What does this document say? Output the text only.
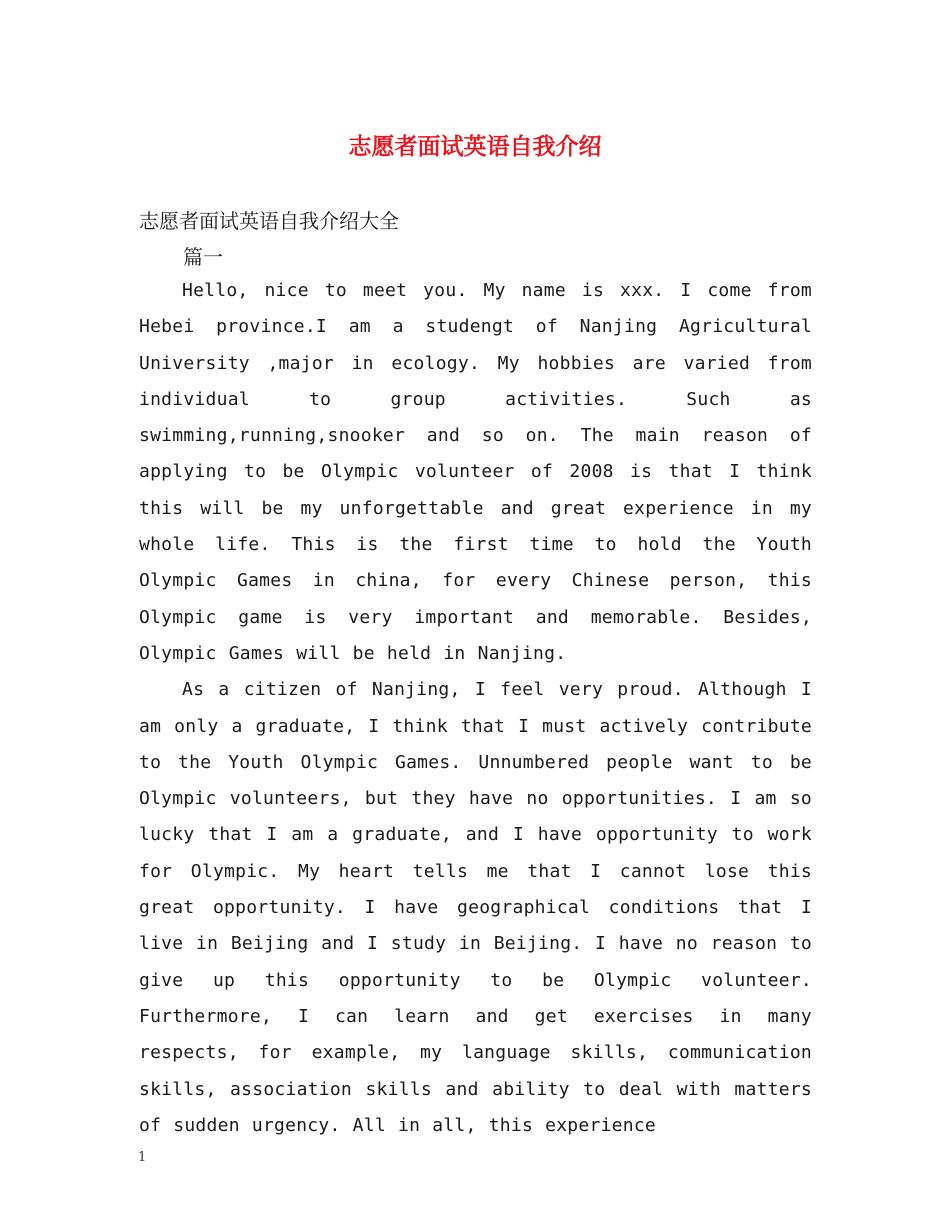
志愿者面试英语自我介绍

志愿者面试英语自我介绍大全

篇一

Hello, nice to meet you. My name is xxx. I come from Hebei province.I am a studengt of Nanjing Agricultural University ,major in ecology. My hobbies are varied from individual to group activities. Such as swimming,running,snooker and so on. The main reason of applying to be Olympic volunteer of 2008 is that I think this will be my unforgettable and great experience in my whole life. This is the first time to hold the Youth Olympic Games in china, for every Chinese person, this Olympic game is very important and memorable. Besides, Olympic Games will be held in Nanjing.

As a citizen of Nanjing, I feel very proud. Although I am only a graduate, I think that I must actively contribute to the Youth Olympic Games. Unnumbered people want to be Olympic volunteers, but they have no opportunities. I am so lucky that I am a graduate, and I have opportunity to work for Olympic. My heart tells me that I cannot lose this great opportunity. I have geographical conditions that I live in Beijing and I study in Beijing. I have no reason to give up this opportunity to be Olympic volunteer. Furthermore, I can learn and get exercises in many respects, for example, my language skills, communication skills, association skills and ability to deal with matters of sudden urgency. All in all, this experience

1
